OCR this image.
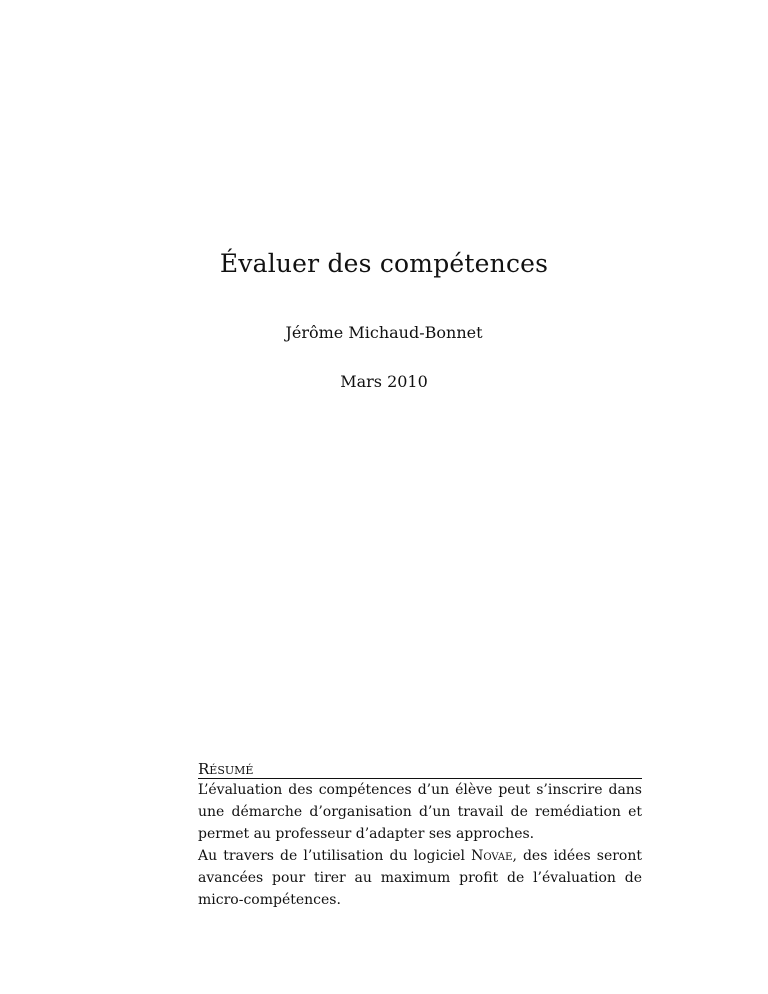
Évaluer des compétences
Jérôme Michaud-Bonnet
Mars 2010
Résumé

L’évaluation des compétences d’un élève peut s’inscrire dans une démarche d’organisation d’un travail de remédiation et permet au professeur d’adapter ses approches.

Au travers de l’utilisation du logiciel Novae, des idées seront avancées pour tirer au maximum profit de l’évaluation de micro-compétences.
